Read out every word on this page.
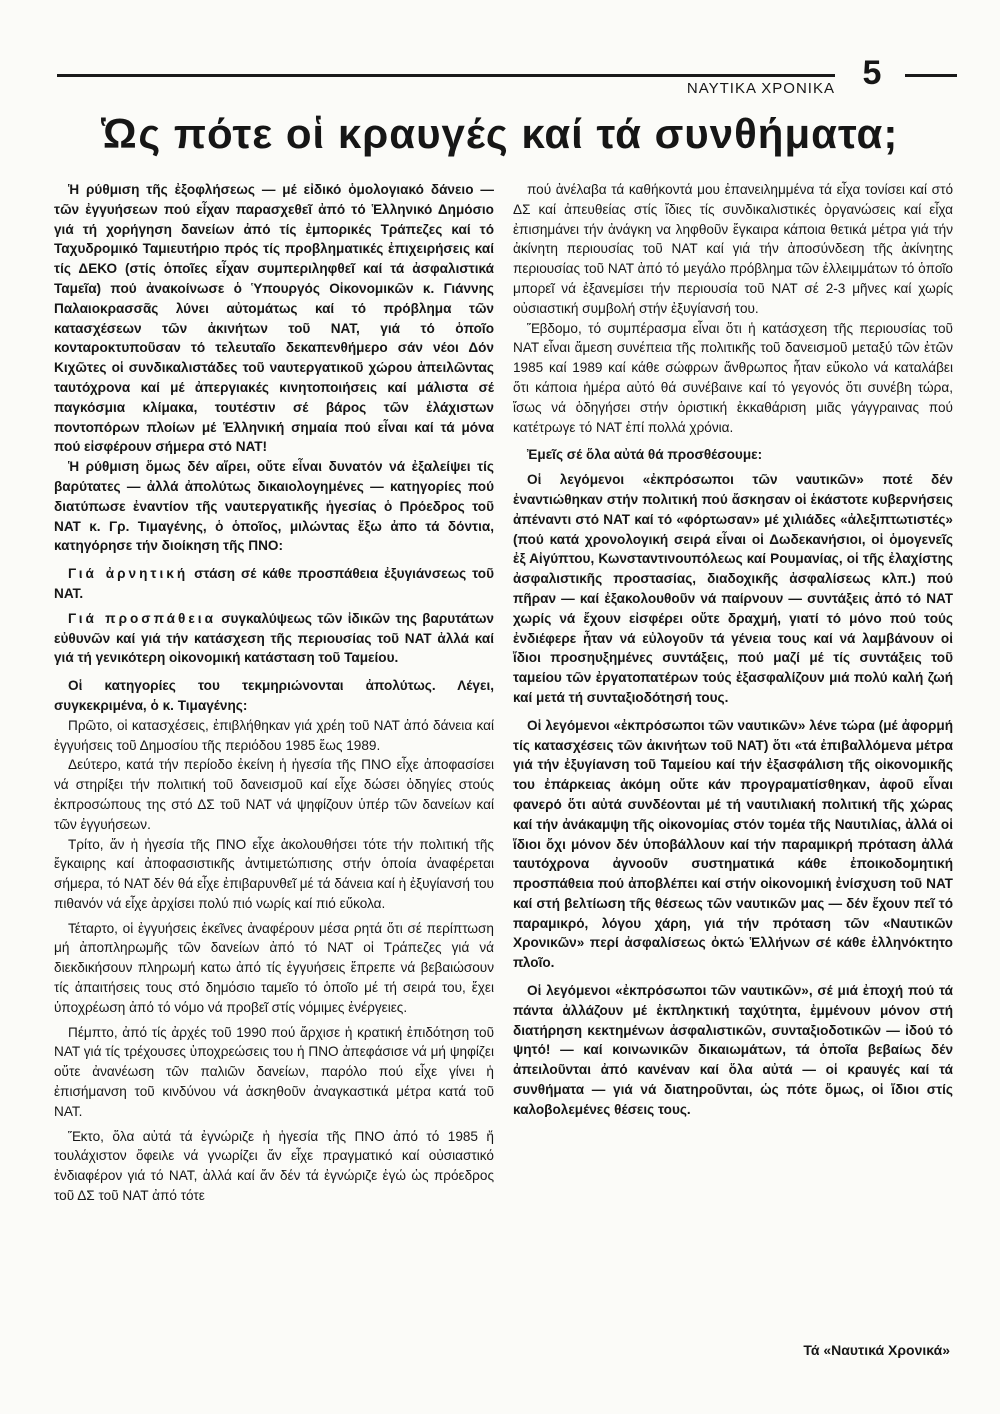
ΝΑΥΤΙΚΑ ΧΡΟΝΙΚΑ 5
Ὡς πότε οἱ κραυγές καί τά συνθήματα;

Ἡ ρύθμιση τῆς ἐξοφλήσεως — μέ εἰδικό ὁμολογιακό δάνειο — τῶν ἐγγυήσεων πού εἶχαν παρασχεθεῖ ἀπό τό Ἑλληνικό Δημόσιο γιά τή χορήγηση δανείων ἀπό τίς ἐμπορικές Τράπεζες καί τό Ταχυδρομικό Ταμιευτήριο πρός τίς προβληματικές ἐπιχειρήσεις καί τίς ΔΕΚΟ (στίς ὁποῖες εἶχαν συμπεριληφθεῖ καί τά ἀσφαλιστικά Ταμεῖα) πού ἀνακοίνωσε ὁ Ὑπουργός Οἰκονομικῶν κ. Γιάννης Παλαιοκρασσᾶς λύνει αὐτομάτως καί τό πρόβλημα τῶν κατασχέσεων τῶν ἀκινήτων τοῦ ΝΑΤ, γιά τό ὁποῖο κονταροκτυποῦσαν τό τελευταῖο δεκαπενθήμερο σάν νέοι Δόν Κιχῶτες οἱ συνδικαλιστάδες τοῦ ναυτεργατικοῦ χώρου ἀπειλῶντας ταυτόχρονα καί μέ ἀπεργιακές κινητοποιήσεις καί μάλιστα σέ παγκόσμια κλίμακα, τουτέστιν σέ βάρος τῶν ἐλάχιστων ποντοπόρων πλοίων μέ Ἑλληνική σημαία πού εἶναι καί τά μόνα πού εἰσφέρουν σήμερα στό ΝΑΤ!

Ἡ ρύθμιση ὅμως δέν αἴρει, οὔτε εἶναι δυνατόν νά ἐξαλείψει τίς βαρύτατες — ἀλλά ἀπολύτως δικαιολογημένες — κατηγορίες πού διατύπωσε ἐναντίον τῆς ναυτεργατικῆς ἡγεσίας ὁ Πρόεδρος τοῦ ΝΑΤ κ. Γρ. Τιμαγένης, ὁ ὁποῖος, μιλώντας ἔξω ἀπο τά δόντια, κατηγόρησε τήν διοίκηση τῆς ΠΝΟ:

Γιά ἀρνητική στάση σέ κάθε προσπάθεια ἐξυγιάνσεως τοῦ ΝΑΤ.

Γιά προσπάθεια συγκαλύψεως τῶν ἰδικῶν της βαρυτάτων εὐθυνῶν καί γιά τήν κατάσχεση τῆς περιουσίας τοῦ ΝΑΤ ἀλλά καί γιά τή γενικότερη οἰκονομική κατάσταση τοῦ Ταμείου.

Οἱ κατηγορίες του τεκμηριώνονται ἀπολύτως. Λέγει, συγκεκριμένα, ὁ κ. Τιμαγένης:

Πρῶτο, οἱ κατασχέσεις, ἐπιβλήθηκαν γιά χρέη τοῦ ΝΑΤ ἀπό δάνεια καί ἐγγυήσεις τοῦ Δημοσίου τῆς περιόδου 1985 ἕως 1989.

Δεύτερο, κατά τήν περίοδο ἐκείνη ἡ ἡγεσία τῆς ΠΝΟ εἶχε ἀποφασίσει νά στηρίξει τήν πολιτική τοῦ δανεισμοῦ καί εἶχε δώσει ὁδηγίες στούς ἐκπροσώπους της στό ΔΣ τοῦ ΝΑΤ νά ψηφίζουν ὑπέρ τῶν δανείων καί τῶν ἐγγυήσεων.

Τρίτο, ἄν ἡ ἡγεσία τῆς ΠΝΟ εἶχε ἀκολουθήσει τότε τήν πολιτική τῆς ἔγκαιρης καί ἀποφασιστικῆς ἀντιμετώπισης στήν ὁποία ἀναφέρεται σήμερα, τό ΝΑΤ δέν θά εἶχε ἐπιβαρυνθεῖ μέ τά δάνεια καί ἡ ἐξυγίανσή του πιθανόν νά εἶχε ἀρχίσει πολύ πιό νωρίς καί πιό εὔκολα.

Τέταρτο, οἱ ἐγγυήσεις ἐκεῖνες ἀναφέρουν μέσα ρητά ὅτι σέ περίπτωση μή ἀποπληρωμῆς τῶν δανείων ἀπό τό ΝΑΤ οἱ Τράπεζες γιά νά διεκδικήσουν πληρωμή κατω ἀπό τίς ἐγγυήσεις ἔπρεπε νά βεβαιώσουν τίς ἀπαιτήσεις τους στό δημόσιο ταμεῖο τό ὁποῖο μέ τή σειρά του, ἔχει ὑποχρέωση ἀπό τό νόμο νά προβεῖ στίς νόμιμες ἐνέργειες.

Πέμπτο, ἀπό τίς ἀρχές τοῦ 1990 πού ἄρχισε ἡ κρατική ἐπιδότηση τοῦ ΝΑΤ γιά τίς τρέχουσες ὑποχρεώσεις του ἡ ΠΝΟ ἀπεφάσισε νά μή ψηφίζει οὔτε ἀνανέωση τῶν παλιῶν δανείων, παρόλο πού εἶχε γίνει ἡ ἐπισήμανση τοῦ κινδύνου νά ἀσκηθοῦν ἀναγκαστικά μέτρα κατά τοῦ ΝΑΤ.

Ἕκτο, ὅλα αὐτά τά ἐγνώριζε ἡ ἡγεσία τῆς ΠΝΟ ἀπό τό 1985 ἤ τουλάχιστον ὄφειλε νά γνωρίζει ἄν εἶχε πραγματικό καί οὐσιαστικό ἐνδιαφέρον γιά τό ΝΑΤ, ἀλλά καί ἄν δέν τά ἐγνώριζε ἐγώ ὡς πρόεδρος τοῦ ΔΣ τοῦ ΝΑΤ ἀπό τότε

πού ἀνέλαβα τά καθήκοντά μου ἐπανειλημμένα τά εἶχα τονίσει καί στό ΔΣ καί ἀπευθείας στίς ἴδιες τίς συνδικαλιστικές ὀργανώσεις καί εἶχα ἐπισημάνει τήν ἀνάγκη να ληφθοῦν ἔγκαιρα κάποια θετικά μέτρα γιά τήν ἀκίνητη περιουσίας τοῦ ΝΑΤ καί γιά τήν ἀποσύνδεση τῆς ἀκίνητης περιουσίας τοῦ ΝΑΤ ἀπό τό μεγάλο πρόβλημα τῶν ἐλλειμμάτων τό ὁποῖο μπορεῖ νά ἐξανεμίσει τήν περιουσία τοῦ ΝΑΤ σέ 2-3 μῆνες καί χωρίς οὐσιαστική συμβολή στήν ἐξυγίανσή του.

Ἕβδομο, τό συμπέρασμα εἶναι ὅτι ἡ κατάσχεση τῆς περιουσίας τοῦ ΝΑΤ εἶναι ἄμεση συνέπεια τῆς πολιτικῆς τοῦ δανεισμοῦ μεταξύ τῶν ἐτῶν 1985 καί 1989 καί κάθε σώφρων ἄνθρωπος ἦταν εὔκολο νά καταλάβει ὅτι κάποια ἡμέρα αὐτό θά συνέβαινε καί τό γεγονός ὅτι συνέβη τώρα, ἴσως νά ὁδηγήσει στήν ὁριστική ἐκκαθάριση μιᾶς γάγγραινας πού κατέτρωγε τό ΝΑΤ ἐπί πολλά χρόνια.

Ἐμεῖς σέ ὅλα αὐτά θά προσθέσουμε:

Οἱ λεγόμενοι «ἐκπρόσωποι τῶν ναυτικῶν» ποτέ δέν ἐναντιώθηκαν στήν πολιτική πού ἄσκησαν οἱ ἑκάστοτε κυβερνήσεις ἀπέναντι στό ΝΑΤ καί τό «φόρτωσαν» μέ χιλιάδες «ἀλεξιπτωτιστές» (πού κατά χρονολογική σειρά εἶναι οἱ Δωδεκανήσιοι, οἱ ὁμογενεῖς ἐξ Αἰγύπτου, Κωνσταντινουπόλεως καί Ρουμανίας, οἱ τῆς ἐλαχίστης ἀσφαλιστικῆς προστασίας, διαδοχικῆς ἀσφαλίσεως κλπ.) πού πῆραν — καί ἐξακολουθοῦν νά παίρνουν — συντάξεις ἀπό τό ΝΑΤ χωρίς νά ἔχουν εἰσφέρει οὔτε δραχμή, γιατί τό μόνο πού τούς ἐνδιέφερε ἦταν νά εὐλογοῦν τά γένεια τους καί νά λαμβάνουν οἱ ἴδιοι προσηυξημένες συντάξεις, πού μαζί μέ τίς συντάξεις τοῦ ταμείου τῶν ἐργατοπατέρων τούς ἐξασφαλίζουν μιά πολύ καλή ζωή καί μετά τή συνταξιοδότησή τους.

Οἱ λεγόμενοι «ἐκπρόσωποι τῶν ναυτικῶν» λένε τώρα (μέ ἀφορμή τίς κατασχέσεις τῶν ἀκινήτων τοῦ ΝΑΤ) ὅτι «τά ἐπιβαλλόμενα μέτρα γιά τήν ἐξυγίανση τοῦ Ταμείου καί τήν ἐξασφάλιση τῆς οἰκονομικῆς του ἐπάρκειας ἀκόμη οὔτε κάν προγραματίσθηκαν, ἀφοῦ εἶναι φανερό ὅτι αὐτά συνδέονται μέ τή ναυτιλιακή πολιτική τῆς χώρας καί τήν ἀνάκαμψη τῆς οἰκονομίας στόν τομέα τῆς Ναυτιλίας, ἀλλά οἱ ἴδιοι ὄχι μόνον δέν ὑποβάλλουν καί τήν παραμικρή πρόταση ἀλλά ταυτόχρονα ἀγνοοῦν συστηματικά κάθε ἐποικοδομητική προσπάθεια πού ἀποβλέπει καί στήν οἰκονομική ἐνίσχυση τοῦ ΝΑΤ καί στή βελτίωση τῆς θέσεως τῶν ναυτικῶν μας — δέν ἔχουν πεῖ τό παραμικρό, λόγου χάρη, γιά τήν πρόταση τῶν «Ναυτικῶν Χρονικῶν» περί ἀσφαλίσεως ὀκτώ Ἑλλήνων σέ κάθε ἑλληνόκτητο πλοῖο.

Οἱ λεγόμενοι «ἐκπρόσωποι τῶν ναυτικῶν», σέ μιά ἐποχή πού τά πάντα ἀλλάζουν μέ ἐκπληκτική ταχύτητα, ἐμμένουν μόνον στή διατήρηση κεκτημένων ἀσφαλιστικῶν, συνταξιοδοτικῶν — ἰδού τό ψητό! — καί κοινωνικῶν δικαιωμάτων, τά ὁποῖα βεβαίως δέν ἀπειλοῦνται ἀπό κανέναν καί ὅλα αὐτά — οἱ κραυγές καί τά συνθήματα — γιά νά διατηροῦνται, ὡς πότε ὅμως, οἱ ἴδιοι στίς καλοβολεμένες θέσεις τους.

Τά «Ναυτικά Χρονικά»
